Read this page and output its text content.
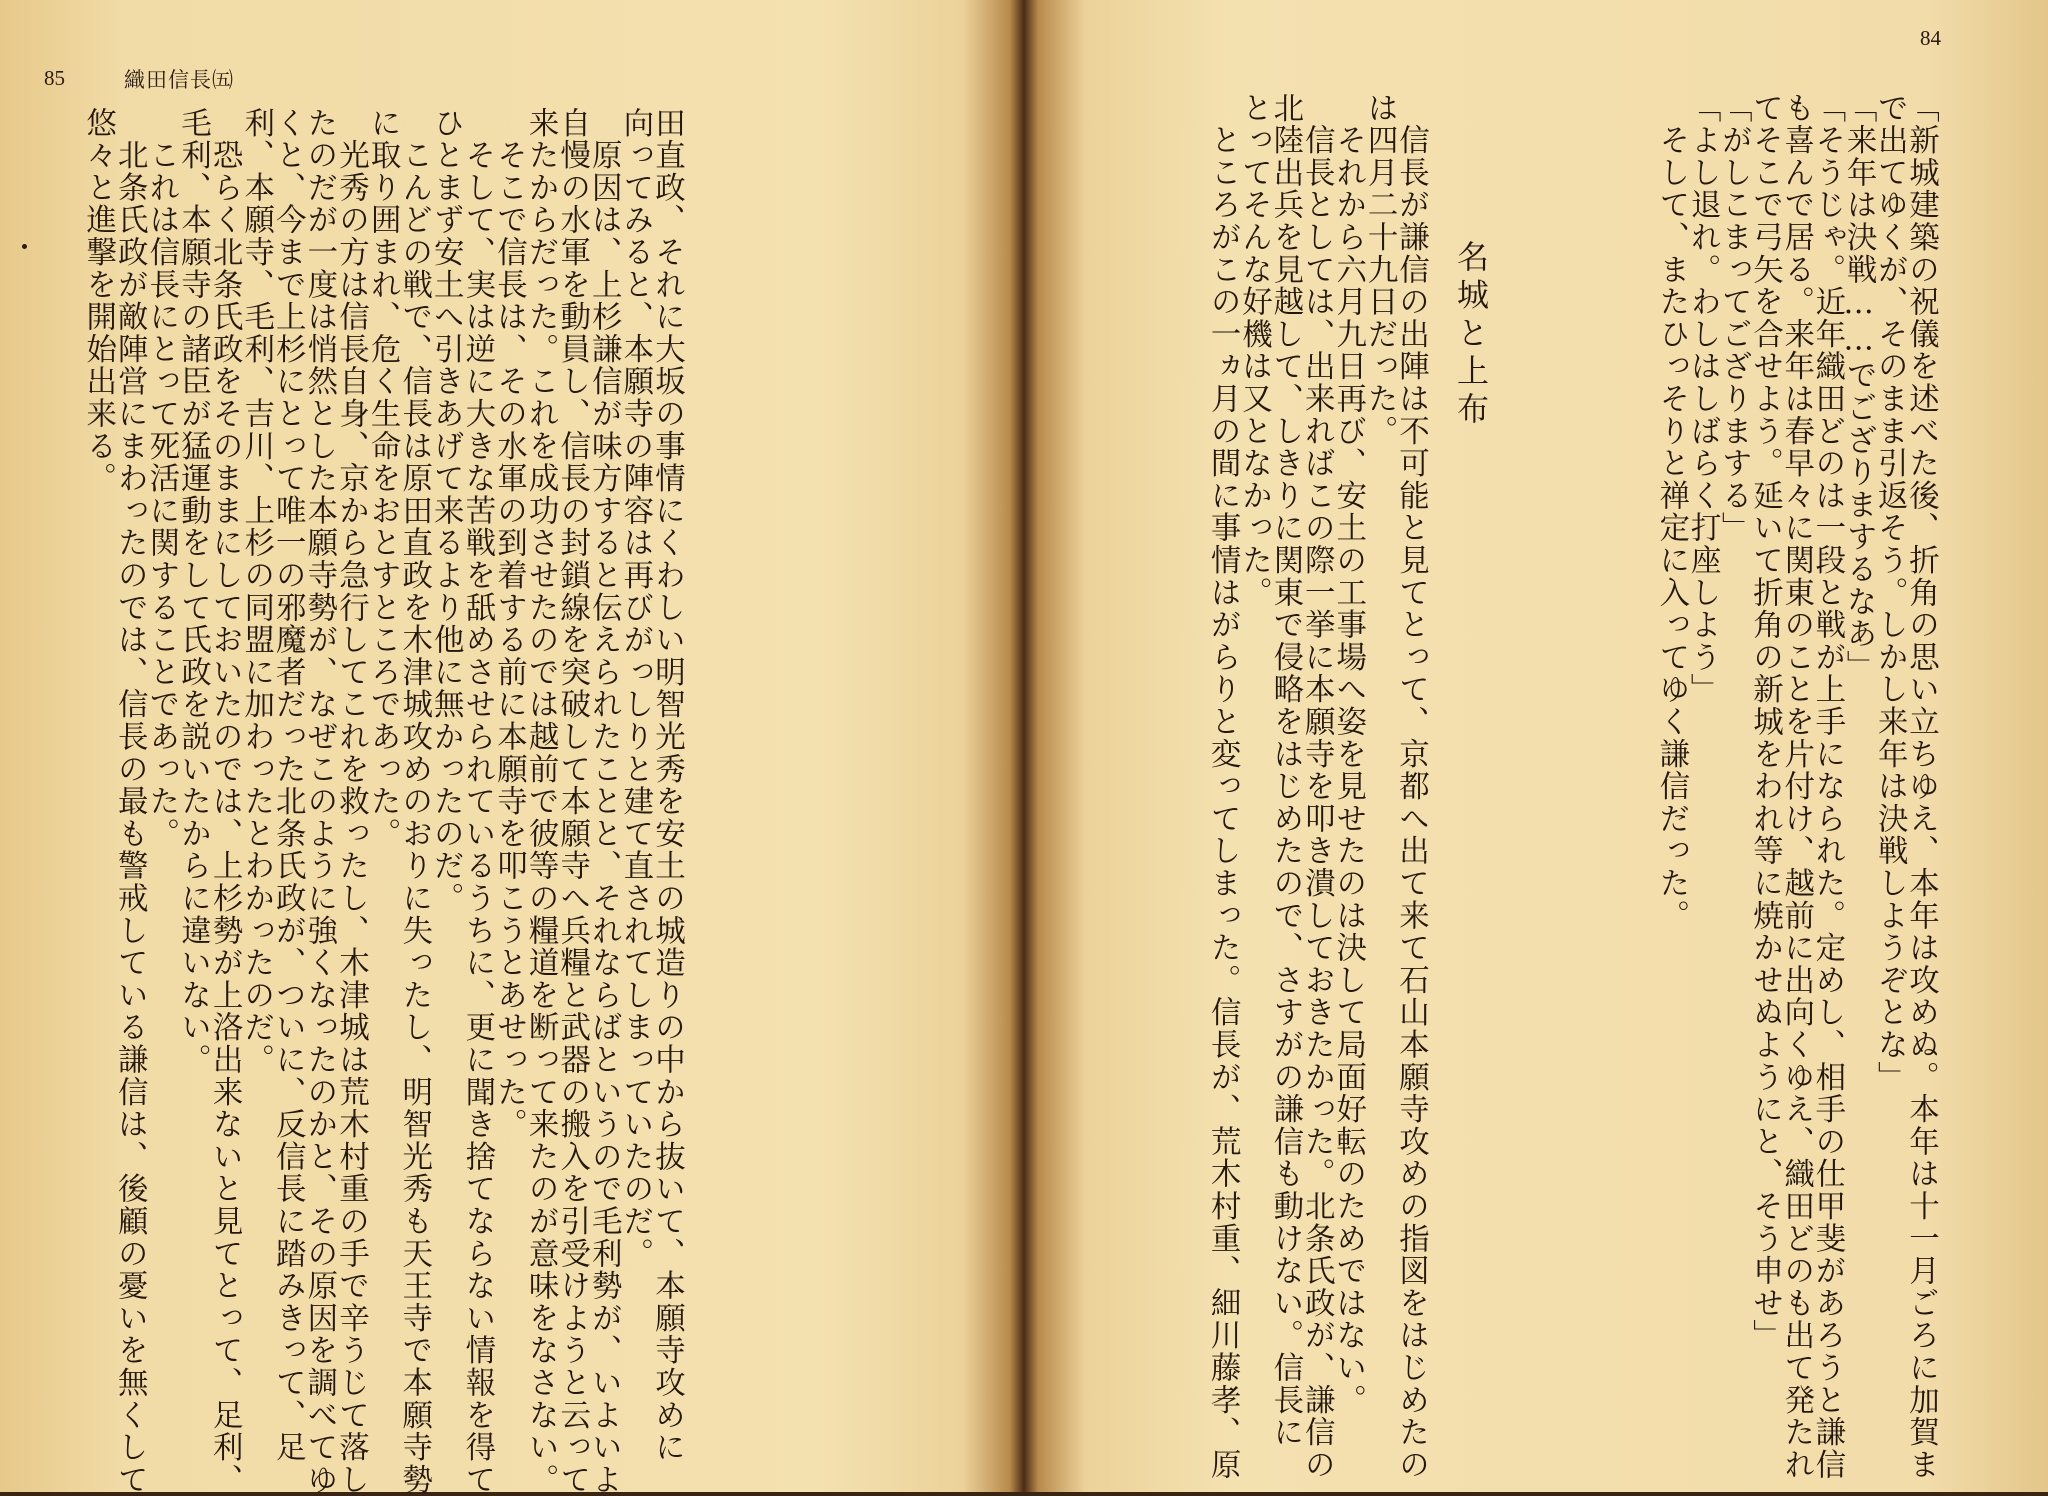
85	織田信長㈤
田直政、それに大坂の事情にくわしい明智光秀を安土の城造りの中から抜いて、本願寺攻めに
向ってみると、本願寺の陣容は再びがっしりと建て直されてしまっていたのだ。
　原因は、上杉謙信が味方すると伝えられたことと、それならばというので毛利勢が、いよいよ
自慢の水軍を動員し、信長の封鎖線を突破して本願寺へ兵糧と武器の搬入を引受けようと云って
来たからだった。これを成功させたのでは越前で彼等の糧道を断って来たのが意味をなさない。
　そこで信長は、その水軍の到着する前に本願寺を叩こうとあせった。
　そして、実は逆に大きな苦戦を舐めさせられているうちに、更に聞き捨てならない情報を得て
ひとまず安土へ引きあげて来るより他に無かったのだ。
　こんどの戦で、信長は原田直政を木津城攻めのおりに失ったし、明智光秀も天王寺で本願寺勢
に取り囲まれ、危く生命をおとすところであった。
　光秀の方は信長自身、京から急行してこれを救ったし、木津城は荒木村重の手で辛うじて落し
たのだが一度は悄然とした本願寺勢が、なぜこのように強くなったのかと、その原因を調べてゆ
くと、今まで上杉にとって唯一の邪魔者だった北条氏政が、ついに、反信長に踏みきって、足
利、本願寺、毛利、吉川、上杉の同盟に加わったとわかったのだ。
　恐らく北条氏政をそのままにしておいたのでは、上杉勢が上洛出来ないと見てとって、足利、
毛利、本願寺の諸臣が猛運動をして氏政を説いたからに違いない。
　これは信長にとって死活に関することであった。
　北条氏政が敵陣営にまわったのでは、信長の最も警戒している謙信は、後顧の憂いを無くして
悠々と進撃を開始出来る。
84
名城と上布	「新城建築の祝儀を述べた後、折角の思い立ちゆえ、本年は攻めぬ。本年は十一月ごろに加賀ま
で出てゆくが、そのまま引返そう。しかし来年は決戦しようぞとな」
「来年は決戦……でござりまするなあ」
「そうじゃ。近年織田どのは一段と戦が上手になられた。定めし、相手の仕甲斐があろうと謙信
も喜んで居る。来年は春早々に関東のことを片付け、越前に出向くゆえ、織田どのも出て発たれ
てそこで弓矢を合せよう。延いて折角の新城をわれ等に焼かせぬようにと、そう申せ」
「がしこまってござりまする」
「よし退れ。わしはしばらく打座しよう」
　そして、またひっそりと禅定に入ってゆく謙信だった。
　信長が謙信の出陣は不可能と見てとって、京都へ出て来て石山本願寺攻めの指図をはじめたの
は四月二十九日だった。
　それから六月九日再び、安土の工事場へ姿を見せたのは決して局面好転のためではない。
　信長としては、出来ればこの際一挙に本願寺を叩き潰しておきたかった。北条氏政が、謙信の
北陸出兵を見越して、しきりに関東で侵略をはじめたので、さすがの謙信も動けない。信長に
とってそんな好機は又となかった。
　ところがこの一ヵ月の間に事情はがらりと変ってしまった。信長が、荒木村重、細川藤孝、原
